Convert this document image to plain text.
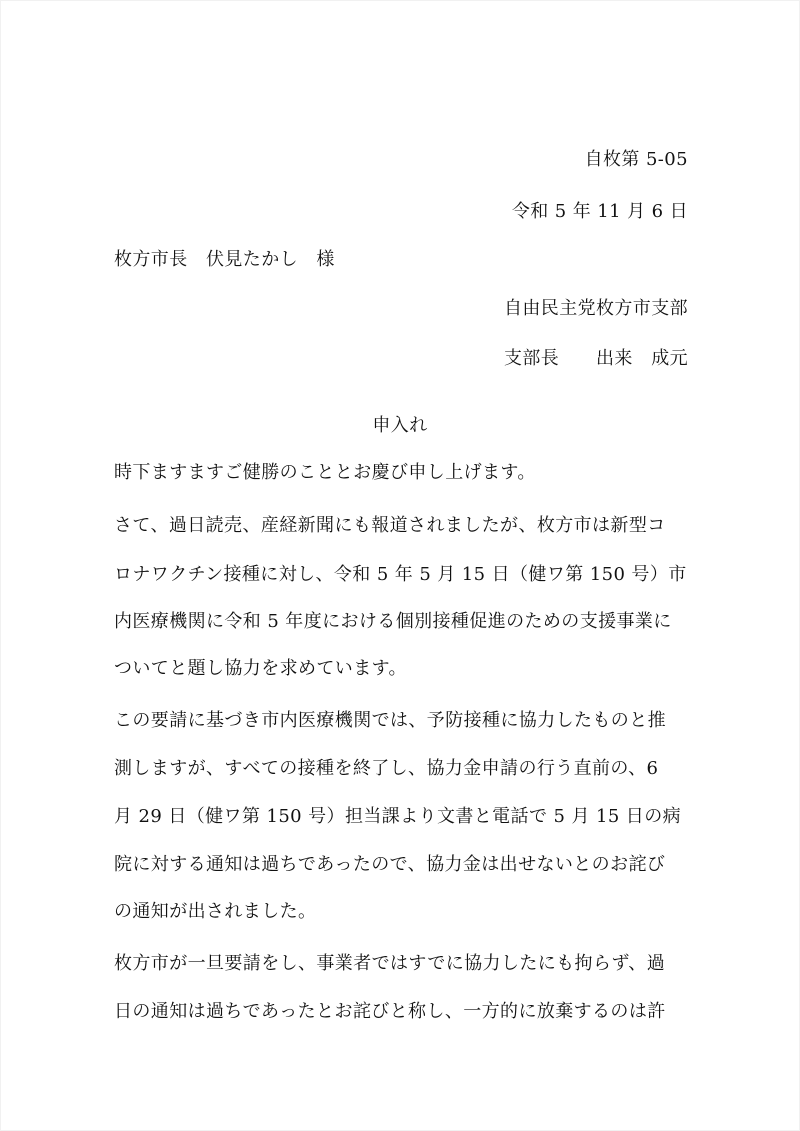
自枚第 5-05
令和 5 年 11 月 6 日
枚方市長　伏見たかし　様
自由民主党枚方市支部
支部長　　出来　成元
申入れ
時下ますますご健勝のこととお慶び申し上げます。
さて、過日読売、産経新聞にも報道されましたが、枚方市は新型コ
ロナワクチン接種に対し、令和 5 年 5 月 15 日（健ワ第 150 号）市
内医療機関に令和 5 年度における個別接種促進のための支援事業に
ついてと題し協力を求めています。
この要請に基づき市内医療機関では、予防接種に協力したものと推
測しますが、すべての接種を終了し、協力金申請の行う直前の、6
月 29 日（健ワ第 150 号）担当課より文書と電話で 5 月 15 日の病
院に対する通知は過ちであったので、協力金は出せないとのお詫び
の通知が出されました。
枚方市が一旦要請をし、事業者ではすでに協力したにも拘らず、過
日の通知は過ちであったとお詫びと称し、一方的に放棄するのは許
